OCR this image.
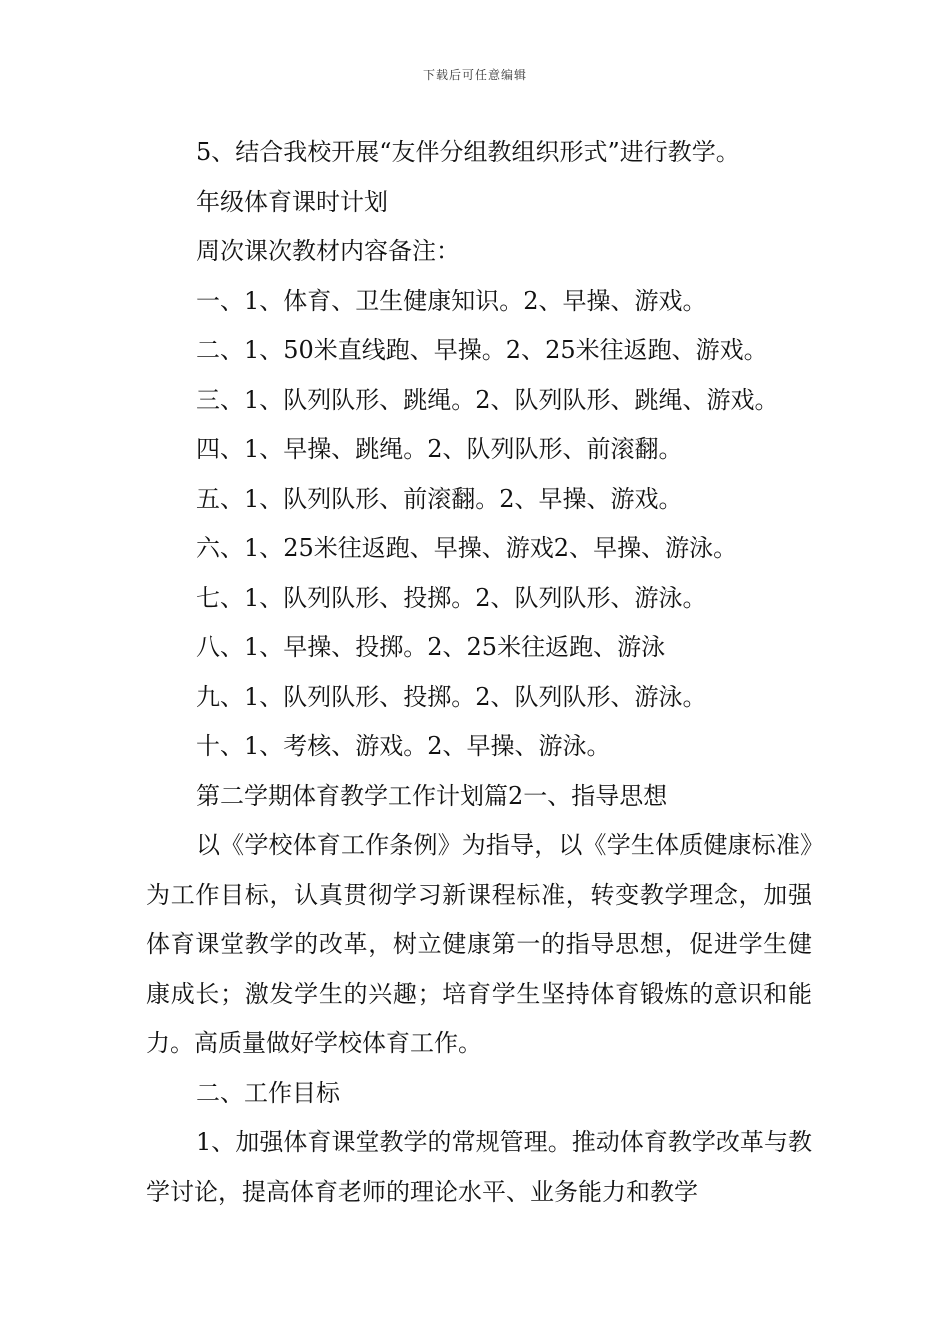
下载后可任意编辑
5、结合我校开展“友伴分组教组织形式”进行教学。
年级体育课时计划
周次课次教材内容备注：
一、1、体育、卫生健康知识。2、早操、游戏。
二、1、50米直线跑、早操。2、25米往返跑、游戏。
三、1、队列队形、跳绳。2、队列队形、跳绳、游戏。
四、1、早操、跳绳。2、队列队形、前滚翻。
五、1、队列队形、前滚翻。2、早操、游戏。
六、1、25米往返跑、早操、游戏2、早操、游泳。
七、1、队列队形、投掷。2、队列队形、游泳。
八、1、早操、投掷。2、25米往返跑、游泳
九、1、队列队形、投掷。2、队列队形、游泳。
十、1、考核、游戏。2、早操、游泳。
第二学期体育教学工作计划篇2一、指导思想
以《学校体育工作条例》为指导，以《学生体质健康标准》为工作目标，认真贯彻学习新课程标准，转变教学理念，加强体育课堂教学的改革，树立健康第一的指导思想，促进学生健康成长；激发学生的兴趣；培育学生坚持体育锻炼的意识和能力。高质量做好学校体育工作。
二、工作目标
1、加强体育课堂教学的常规管理。推动体育教学改革与教学讨论，提高体育老师的理论水平、业务能力和教学
